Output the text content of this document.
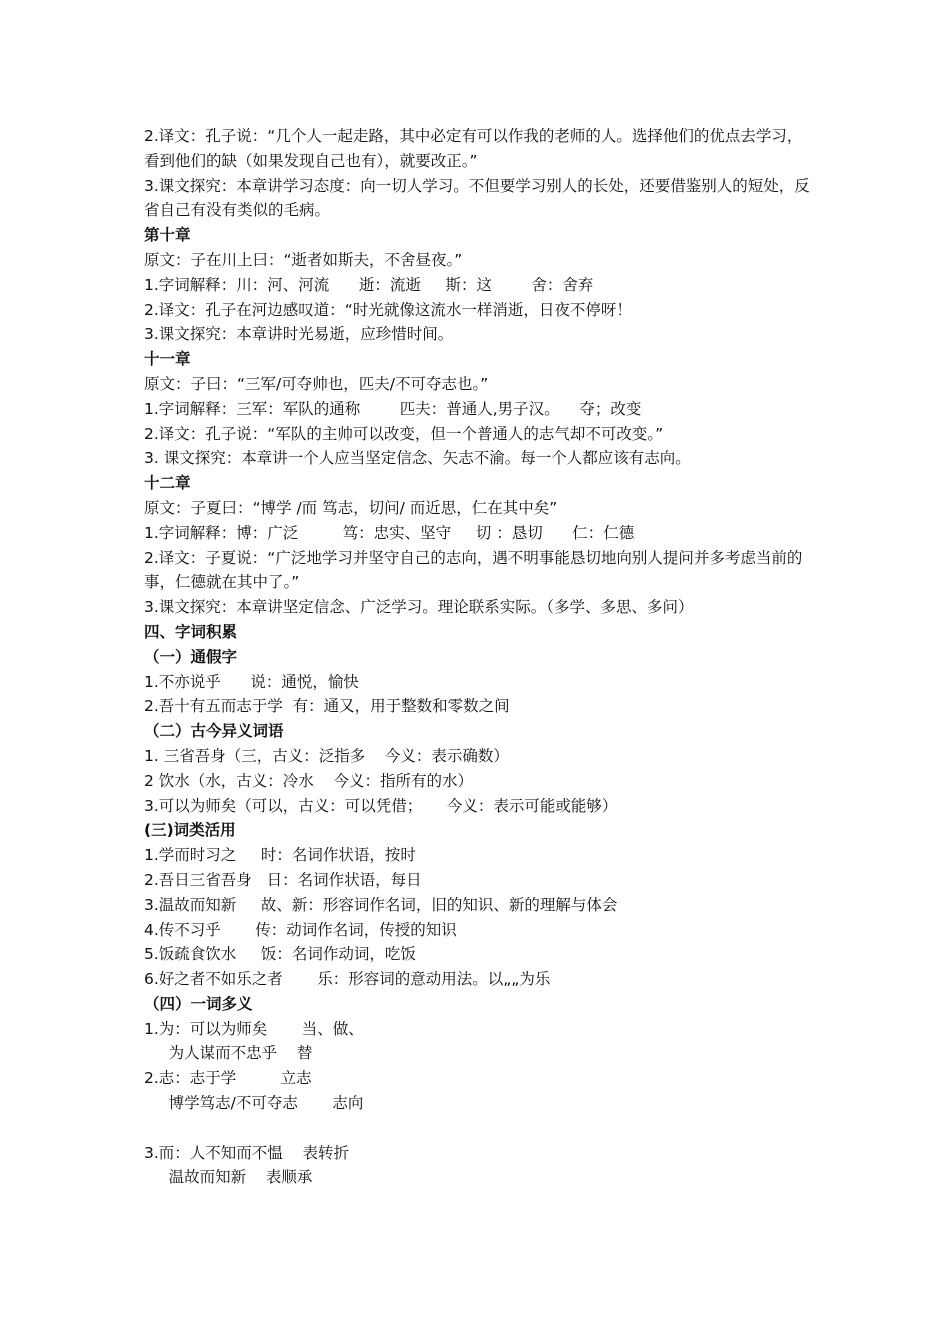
2.译文：孔子说：“几个人一起走路，其中必定有可以作我的老师的人。选择他们的优点去学习，看到他们的缺（如果发现自己也有），就要改正。”

3.课文探究：本章讲学习态度：向一切人学习。不但要学习别人的长处，还要借鉴别人的短处，反省自己有没有类似的毛病。

第十章

原文：子在川上曰：“逝者如斯夫，不舍昼夜。”

1.字词解释：川：河、河流      逝：流逝     斯：这        舍：舍弃

2.译文：孔子在河边感叹道：“时光就像这流水一样消逝，日夜不停呀！

3.课文探究：本章讲时光易逝，应珍惜时间。

十一章

原文：子曰：“三军/可夺帅也，匹夫/不可夺志也。”

1.字词解释：三军：军队的通称        匹夫：普通人,男子汉。    夺；改变

2.译文：孔子说：“军队的主帅可以改变，但一个普通人的志气却不可改变。”

3. 课文探究：本章讲一个人应当坚定信念、矢志不渝。每一个人都应该有志向。

十二章

原文：子夏曰：“博学 /而 笃志，切问/ 而近思，仁在其中矣”

1.字词解释：博：广泛         笃：忠实、坚守     切 ：恳切      仁：仁德

2.译文：子夏说：“广泛地学习并坚守自己的志向，遇不明事能恳切地向别人提问并多考虑当前的事，仁德就在其中了。”

3.课文探究：本章讲坚定信念、广泛学习。理论联系实际。（多学、多思、多问）

四、字词积累

（一）通假字

1.不亦说乎      说：通悦，愉快

2.吾十有五而志于学  有：通又，用于整数和零数之间

（二）古今异义词语

1. 三省吾身（三，古义：泛指多    今义：表示确数）

2 饮水（水，古义：冷水    今义：指所有的水）

3.可以为师矣（可以，古义：可以凭借；     今义：表示可能或能够）

(三)词类活用

1.学而时习之     时：名词作状语，按时

2.吾日三省吾身   日：名词作状语，每日

3.温故而知新     故、新：形容词作名词，旧的知识、新的理解与体会

4.传不习乎       传：动词作名词，传授的知识

5.饭疏食饮水     饭：名词作动词，吃饭

6.好之者不如乐之者       乐：形容词的意动用法。以„„为乐

（四）一词多义

1.为：可以为师矣       当、做、

为人谋而不忠乎    替

2.志：志于学         立志

博学笃志/不可夺志       志向

3.而：人不知而不愠    表转折

温故而知新    表顺承
